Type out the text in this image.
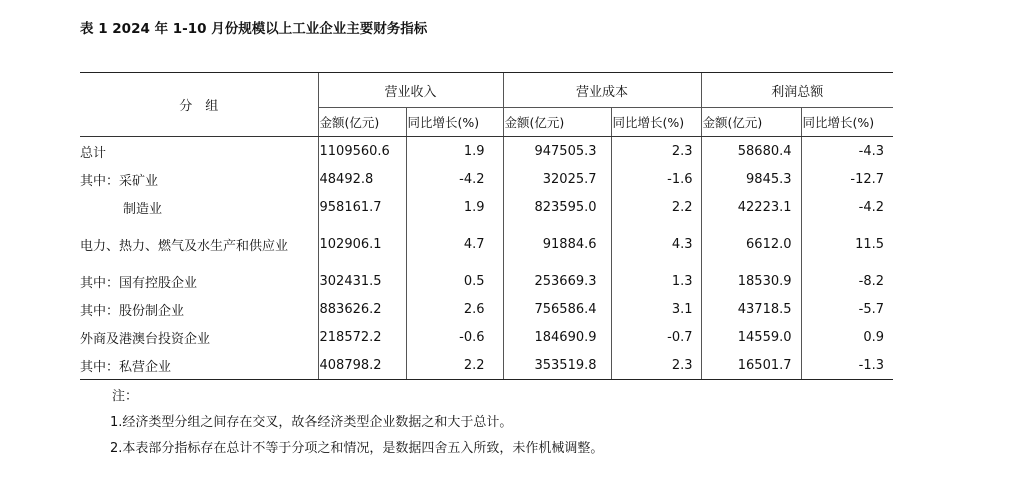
表 1 2024 年 1-10 月份规模以上工业企业主要财务指标
分　组	营业收入		营业成本		利润总额	
	金额(亿元)	同比增长(%)	金额(亿元)	同比增长(%)	金额(亿元)	同比增长(%)
总计	1109560.6	1.9	947505.3	2.3	58680.4	-4.3
其中：采矿业	48492.8	-4.2	32025.7	-1.6	9845.3	-12.7
制造业	958161.7	1.9	823595.0	2.2	42223.1	-4.2
电力、热力、燃气及水生产和供应业	102906.1	4.7	91884.6	4.3	6612.0	11.5
其中：国有控股企业	302431.5	0.5	253669.3	1.3	18530.9	-8.2
其中：股份制企业	883626.2	2.6	756586.4	3.1	43718.5	-5.7
外商及港澳台投资企业	218572.2	-0.6	184690.9	-0.7	14559.0	0.9
其中：私营企业	408798.2	2.2	353519.8	2.3	16501.7	-1.3
注：
1.经济类型分组之间存在交叉，故各经济类型企业数据之和大于总计。
2.本表部分指标存在总计不等于分项之和情况，是数据四舍五入所致，未作机械调整。
